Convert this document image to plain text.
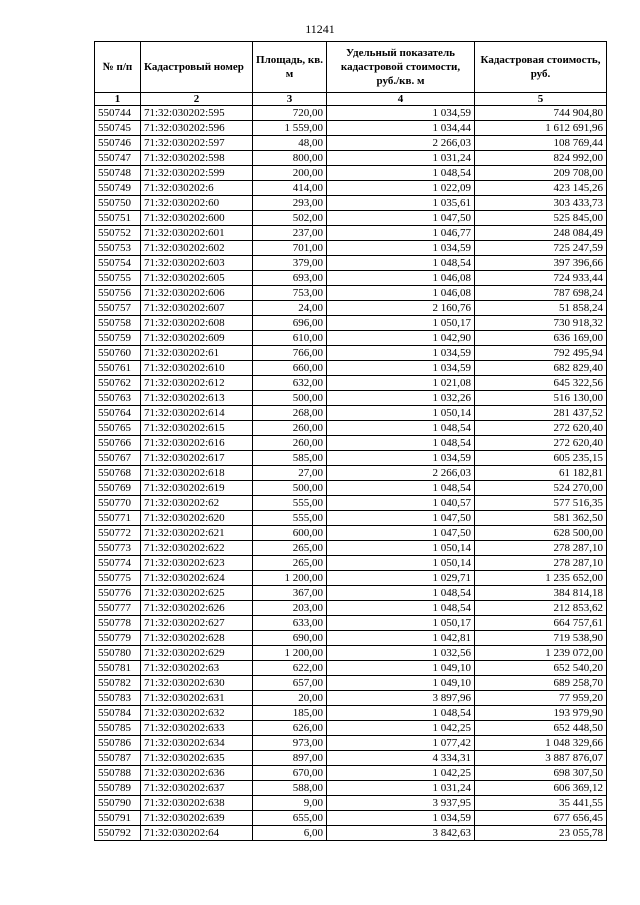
11241
№ п/п	Кадастровый номер	Площадь, кв. м	Удельный показатель кадастровой стоимости, руб./кв. м	Кадастровая стоимость, руб.
1	2	3	4	5
550744	71:32:030202:595	720,00	1 034,59	744 904,80
550745	71:32:030202:596	1 559,00	1 034,44	1 612 691,96
550746	71:32:030202:597	48,00	2 266,03	108 769,44
550747	71:32:030202:598	800,00	1 031,24	824 992,00
550748	71:32:030202:599	200,00	1 048,54	209 708,00
550749	71:32:030202:6	414,00	1 022,09	423 145,26
550750	71:32:030202:60	293,00	1 035,61	303 433,73
550751	71:32:030202:600	502,00	1 047,50	525 845,00
550752	71:32:030202:601	237,00	1 046,77	248 084,49
550753	71:32:030202:602	701,00	1 034,59	725 247,59
550754	71:32:030202:603	379,00	1 048,54	397 396,66
550755	71:32:030202:605	693,00	1 046,08	724 933,44
550756	71:32:030202:606	753,00	1 046,08	787 698,24
550757	71:32:030202:607	24,00	2 160,76	51 858,24
550758	71:32:030202:608	696,00	1 050,17	730 918,32
550759	71:32:030202:609	610,00	1 042,90	636 169,00
550760	71:32:030202:61	766,00	1 034,59	792 495,94
550761	71:32:030202:610	660,00	1 034,59	682 829,40
550762	71:32:030202:612	632,00	1 021,08	645 322,56
550763	71:32:030202:613	500,00	1 032,26	516 130,00
550764	71:32:030202:614	268,00	1 050,14	281 437,52
550765	71:32:030202:615	260,00	1 048,54	272 620,40
550766	71:32:030202:616	260,00	1 048,54	272 620,40
550767	71:32:030202:617	585,00	1 034,59	605 235,15
550768	71:32:030202:618	27,00	2 266,03	61 182,81
550769	71:32:030202:619	500,00	1 048,54	524 270,00
550770	71:32:030202:62	555,00	1 040,57	577 516,35
550771	71:32:030202:620	555,00	1 047,50	581 362,50
550772	71:32:030202:621	600,00	1 047,50	628 500,00
550773	71:32:030202:622	265,00	1 050,14	278 287,10
550774	71:32:030202:623	265,00	1 050,14	278 287,10
550775	71:32:030202:624	1 200,00	1 029,71	1 235 652,00
550776	71:32:030202:625	367,00	1 048,54	384 814,18
550777	71:32:030202:626	203,00	1 048,54	212 853,62
550778	71:32:030202:627	633,00	1 050,17	664 757,61
550779	71:32:030202:628	690,00	1 042,81	719 538,90
550780	71:32:030202:629	1 200,00	1 032,56	1 239 072,00
550781	71:32:030202:63	622,00	1 049,10	652 540,20
550782	71:32:030202:630	657,00	1 049,10	689 258,70
550783	71:32:030202:631	20,00	3 897,96	77 959,20
550784	71:32:030202:632	185,00	1 048,54	193 979,90
550785	71:32:030202:633	626,00	1 042,25	652 448,50
550786	71:32:030202:634	973,00	1 077,42	1 048 329,66
550787	71:32:030202:635	897,00	4 334,31	3 887 876,07
550788	71:32:030202:636	670,00	1 042,25	698 307,50
550789	71:32:030202:637	588,00	1 031,24	606 369,12
550790	71:32:030202:638	9,00	3 937,95	35 441,55
550791	71:32:030202:639	655,00	1 034,59	677 656,45
550792	71:32:030202:64	6,00	3 842,63	23 055,78
